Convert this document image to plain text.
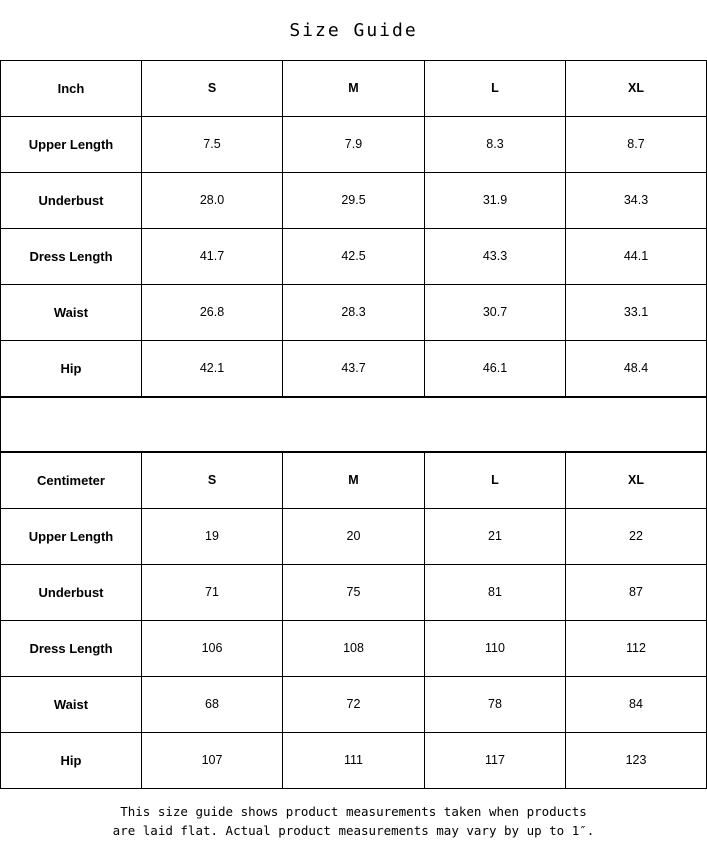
Size Guide
Inch	S	M	L	XL
Upper Length	7.5	7.9	8.3	8.7
Underbust	28.0	29.5	31.9	34.3
Dress Length	41.7	42.5	43.3	44.1
Waist	26.8	28.3	30.7	33.1
Hip	42.1	43.7	46.1	48.4
Centimeter	S	M	L	XL
Upper Length	19	20	21	22
Underbust	71	75	81	87
Dress Length	106	108	110	112
Waist	68	72	78	84
Hip	107	111	117	123
This size guide shows product measurements taken when products
are laid flat. Actual product measurements may vary by up to 1″.
